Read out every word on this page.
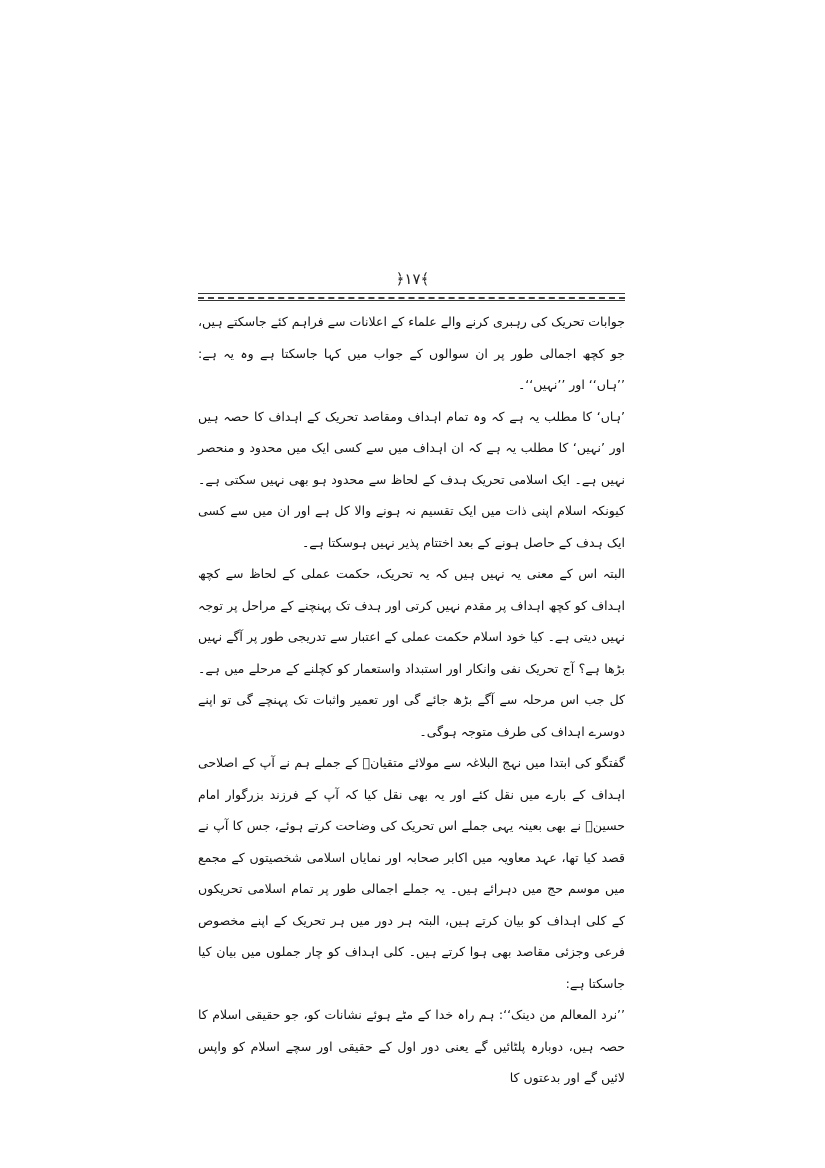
﴿۱۷﴾

جوابات تحریک کی رہبری کرنے والے علماء کے اعلانات سے فراہم کئے جاسکتے ہیں، جو کچھ اجمالی طور پر ان سوالوں کے جواب میں کہا جاسکتا ہے وہ یہ ہے: ’’ہاں‘‘ اور ’’نہیں‘‘۔

’ہاں‘ کا مطلب یہ ہے کہ وہ تمام اہداف ومقاصد تحریک کے اہداف کا حصہ ہیں اور ’نہیں‘ کا مطلب یہ ہے کہ ان اہداف میں سے کسی ایک میں محدود و منحصر نہیں ہے۔ ایک اسلامی تحریک ہدف کے لحاظ سے محدود ہو بھی نہیں سکتی ہے۔ کیونکہ اسلام اپنی ذات میں ایک تقسیم نہ ہونے والا کل ہے اور ان میں سے کسی ایک ہدف کے حاصل ہونے کے بعد اختتام پذیر نہیں ہوسکتا ہے۔

البتہ اس کے معنی یہ نہیں ہیں کہ یہ تحریک، حکمت عملی کے لحاظ سے کچھ اہداف کو کچھ اہداف پر مقدم نہیں کرتی اور ہدف تک پہنچنے کے مراحل پر توجہ نہیں دیتی ہے۔ کیا خود اسلام حکمت عملی کے اعتبار سے تدریجی طور پر آگے نہیں بڑھا ہے؟ آج تحریک نفی وانکار اور استبداد واستعمار کو کچلنے کے مرحلے میں ہے۔ کل جب اس مرحلہ سے آگے بڑھ جائے گی اور تعمیر واثبات تک پہنچے گی تو اپنے دوسرے اہداف کی طرف متوجہ ہوگی۔

گفتگو کی ابتدا میں نہج البلاغہ سے مولائے متقیانؑ کے جملے ہم نے آپ کے اصلاحی اہداف کے بارے میں نقل کئے اور یہ بھی نقل کیا کہ آپ کے فرزند بزرگوار امام حسینؑ نے بھی بعینہ یہی جملے اس تحریک کی وضاحت کرتے ہوئے، جس کا آپ نے قصد کیا تھا، عہد معاویہ میں اکابر صحابہ اور نمایاں اسلامی شخصیتوں کے مجمع میں موسم حج میں دہرائے ہیں۔ یہ جملے اجمالی طور پر تمام اسلامی تحریکوں کے کلی اہداف کو بیان کرتے ہیں، البتہ ہر دور میں ہر تحریک کے اپنے مخصوص فرعی وجزئی مقاصد بھی ہوا کرتے ہیں۔ کلی اہداف کو چار جملوں میں بیان کیا جاسکتا ہے:

’’نرد المعالم من دینک‘‘: ہم راہ خدا کے مٹے ہوئے نشانات کو، جو حقیقی اسلام کا حصہ ہیں، دوبارہ پلٹائیں گے یعنی دور اول کے حقیقی اور سچے اسلام کو واپس لائیں گے اور بدعتوں کا
